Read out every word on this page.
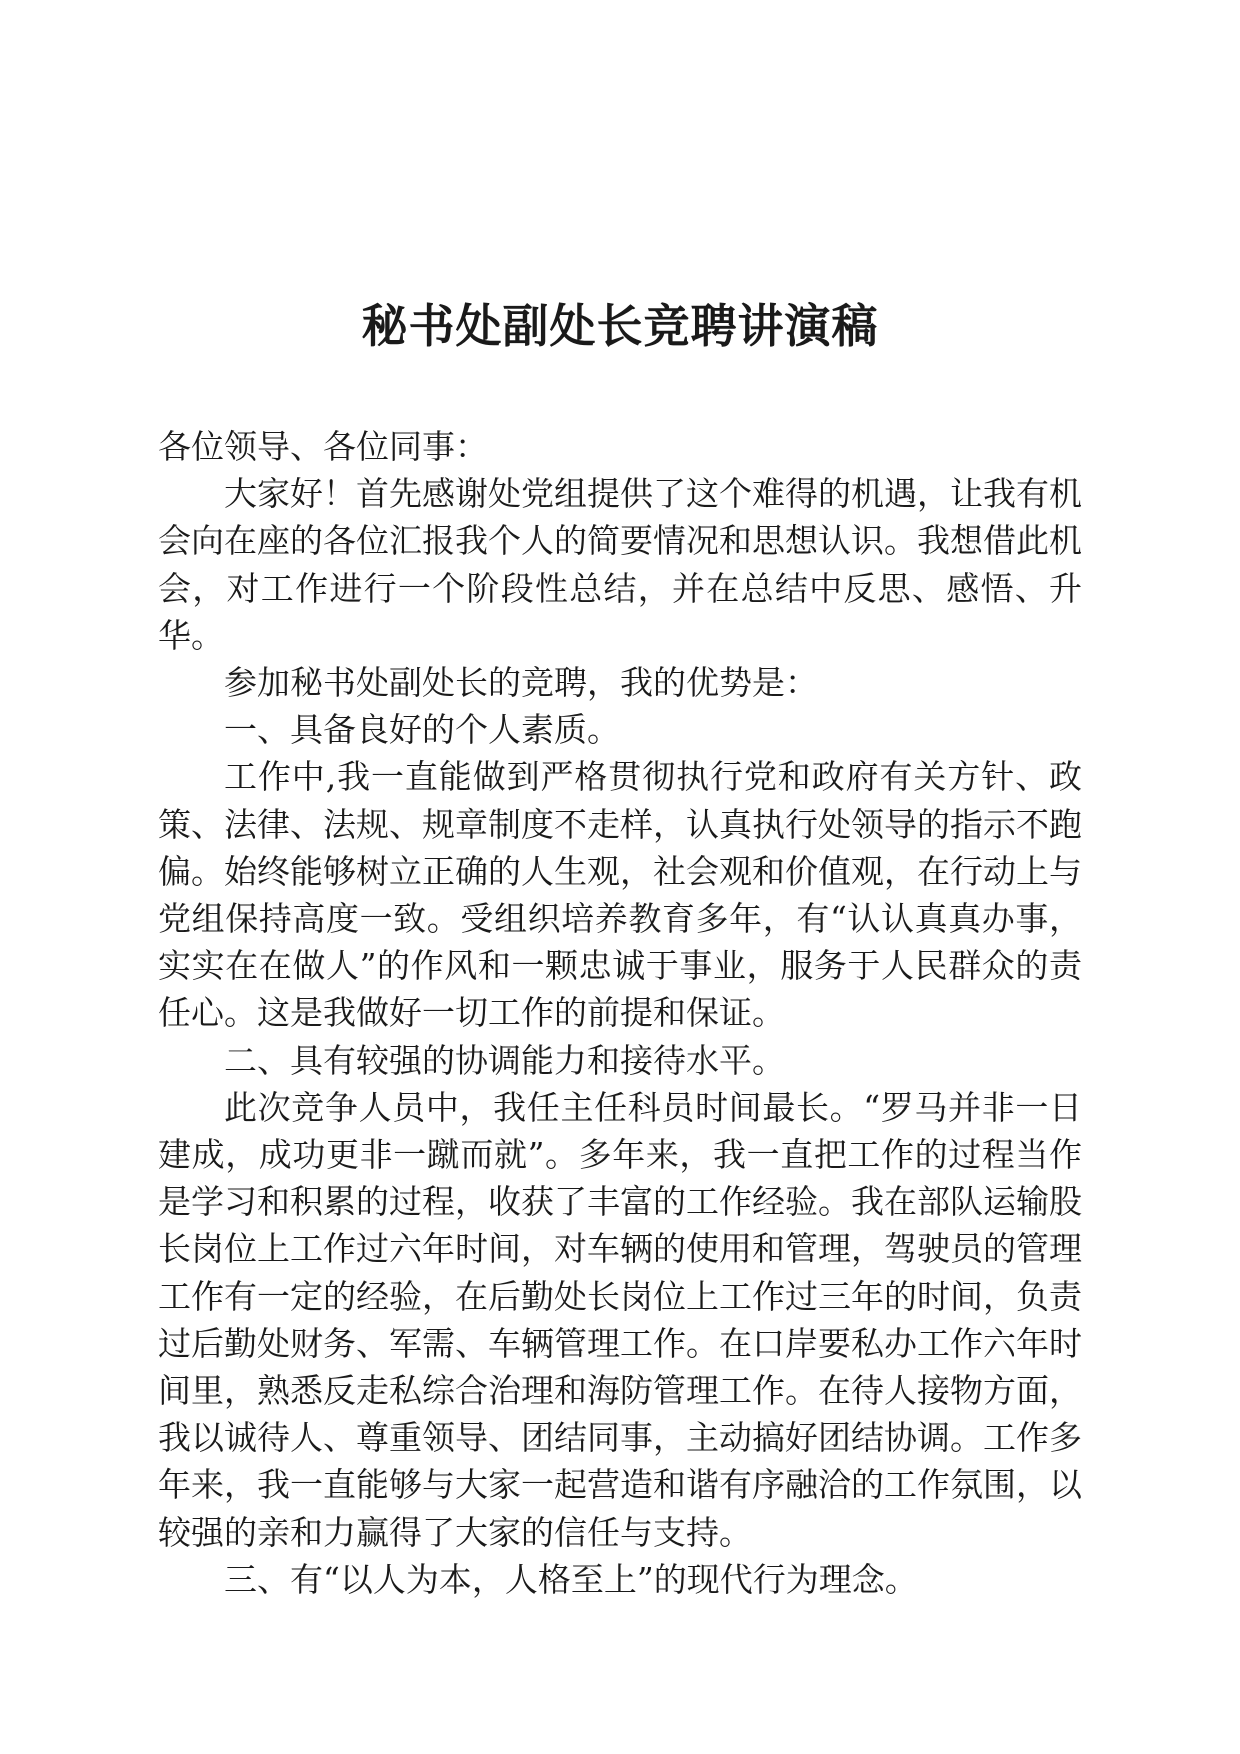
秘书处副处长竞聘讲演稿

各位领导、各位同事：

大家好！首先感谢处党组提供了这个难得的机遇，让我有机会向在座的各位汇报我个人的简要情况和思想认识。我想借此机会，对工作进行一个阶段性总结，并在总结中反思、感悟、升华。

参加秘书处副处长的竞聘，我的优势是：

一、具备良好的个人素质。

工作中,我一直能做到严格贯彻执行党和政府有关方针、政策、法律、法规、规章制度不走样，认真执行处领导的指示不跑偏。始终能够树立正确的人生观，社会观和价值观，在行动上与党组保持高度一致。受组织培养教育多年，有“认认真真办事，实实在在做人”的作风和一颗忠诚于事业，服务于人民群众的责任心。这是我做好一切工作的前提和保证。

二、具有较强的协调能力和接待水平。

此次竞争人员中，我任主任科员时间最长。“罗马并非一日建成，成功更非一蹴而就”。多年来，我一直把工作的过程当作是学习和积累的过程，收获了丰富的工作经验。我在部队运输股长岗位上工作过六年时间，对车辆的使用和管理，驾驶员的管理工作有一定的经验，在后勤处长岗位上工作过三年的时间，负责过后勤处财务、军需、车辆管理工作。在口岸要私办工作六年时间里，熟悉反走私综合治理和海防管理工作。在待人接物方面，我以诚待人、尊重领导、团结同事，主动搞好团结协调。工作多年来，我一直能够与大家一起营造和谐有序融洽的工作氛围，以较强的亲和力赢得了大家的信任与支持。

三、有“以人为本，人格至上”的现代行为理念。
